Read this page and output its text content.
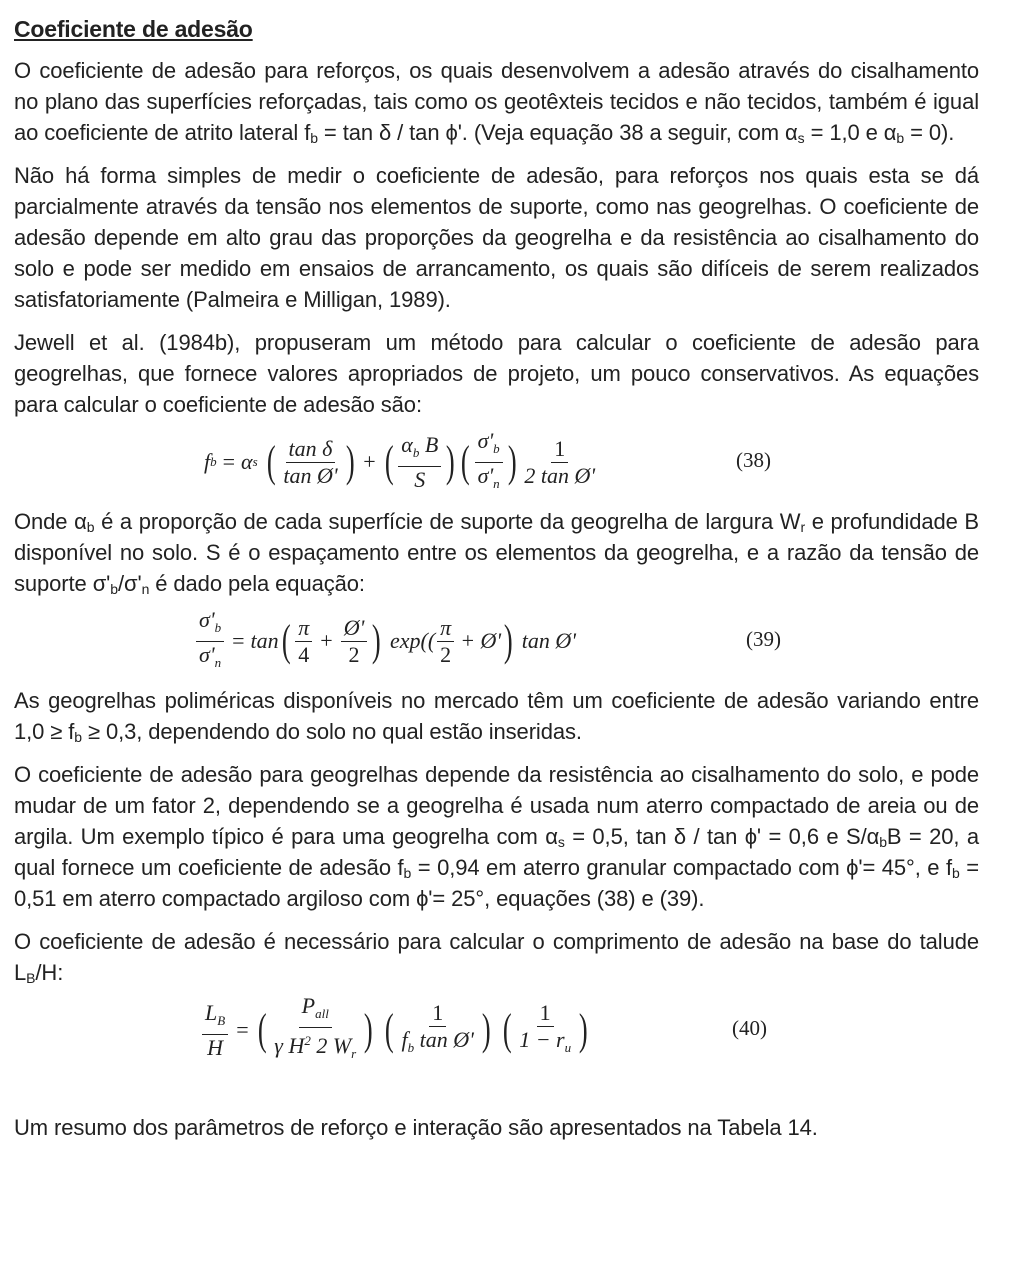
Coeficiente de adesão

O coeficiente de adesão para reforços, os quais desenvolvem a adesão através do cisalhamento no plano das superfícies reforçadas, tais como os geotêxteis tecidos e não tecidos, também é igual ao coeficiente de atrito lateral $f_b = \tan \delta / \tan \phi'$. (Veja equação 38 a seguir, com $\alpha_s = 1,0$ e $\alpha_b = 0$).

Não há forma simples de medir o coeficiente de adesão, para reforços nos quais esta se dá parcialmente através da tensão nos elementos de suporte, como nas geogrelhas. O coeficiente de adesão depende em alto grau das proporções da geogrelha e da resistência ao cisalhamento do solo e pode ser medido em ensaios de arrancamento, os quais são difíceis de serem realizados satisfatoriamente (Palmeira e Milligan, 1989).

Jewell et al. (1984b), propuseram um método para calcular o coeficiente de adesão para geogrelhas, que fornece valores apropriados de projeto, um pouco conservativos. As equações para calcular o coeficiente de adesão são:

f b = α s ( $\frac{\text{tan δ}}{\text{tan Ø'}}$ ) + ( $\frac{\alpha_b B}{S}$ ) ( $\frac{\sigma'_b}{\sigma'_n}$ ) $\frac{1}{\text{2 tan Ø'}}$	(38)

Onde $\alpha_b$ é a proporção de cada superfície de suporte da geogrelha de largura $W_r$ e profundidade B disponível no solo. S é o espaçamento entre os elementos da geogrelha, e a razão da tensão de suporte $\sigma'_b/\sigma'_n$ é dado pela equação:

$\frac{\sigma'_b}{\sigma'_n} = \tan$ ( $\frac{\pi}{4} + \frac{Ø'}{2}$ ) $\exp(( \frac{\pi}{2}$ + Ø' ) tan Ø'	(39)

As geogrelhas poliméricas disponíveis no mercado têm um coeficiente de adesão variando entre $1,0 \ge f_b \ge 0,3$, dependendo do solo no qual estão inseridas.

O coeficiente de adesão para geogrelhas depende da resistência ao cisalhamento do solo, e pode mudar de um fator 2, dependendo se a geogrelha é usada num aterro compactado de areia ou de argila. Um exemplo típico é para uma geogrelha com $\alpha_s = 0,5$, tan δ / tan ϕ' = 0,6 e $S/\alpha_bB = 20$, a qual fornece um coeficiente de adesão $f_b = 0,94$ em aterro granular compactado com ϕ'= 45°, e $f_b = 0,51$ em aterro compactado argiloso com ϕ'= 25°, equações (38) e (39).

O coeficiente de adesão é necessário para calcular o comprimento de adesão na base do talude $L_B/H$:

$\frac{L_B}{H}$ = ( $\frac{P_{all}}{\gamma H^2 2 W_r}$ ) ( $\frac{1}{f_b \tan Ø'}$ ) ( $\frac{1}{1 - r_u}$ )	(40)

Um resumo dos parâmetros de reforço e interação são apresentados na Tabela 14.
